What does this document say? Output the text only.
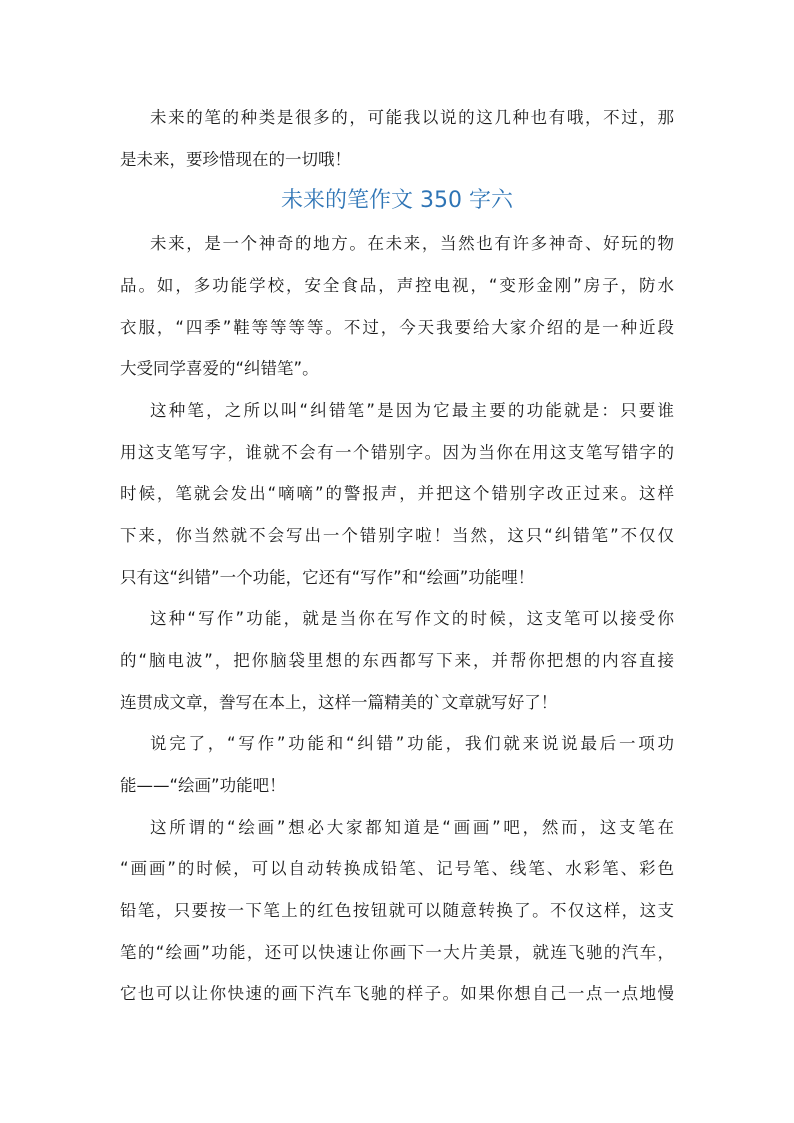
未来的笔的种类是很多的，可能我以说的这几种也有哦，不过，那
是未来，要珍惜现在的一切哦！
未来的笔作文 350 字六
未来，是一个神奇的地方。在未来，当然也有许多神奇、好玩的物
品。如，多功能学校，安全食品，声控电视，“变形金刚”房子，防水
衣服，“四季”鞋等等等等。不过，今天我要给大家介绍的是一种近段
大受同学喜爱的“纠错笔”。
这种笔，之所以叫“纠错笔”是因为它最主要的功能就是：只要谁
用这支笔写字，谁就不会有一个错别字。因为当你在用这支笔写错字的
时候，笔就会发出“嘀嘀”的警报声，并把这个错别字改正过来。这样
下来，你当然就不会写出一个错别字啦！当然，这只“纠错笔”不仅仅
只有这“纠错”一个功能，它还有“写作”和“绘画”功能哩！
这种“写作”功能，就是当你在写作文的时候，这支笔可以接受你
的“脑电波”，把你脑袋里想的东西都写下来，并帮你把想的内容直接
连贯成文章，誊写在本上，这样一篇精美的`文章就写好了！
说完了，“写作”功能和“纠错”功能，我们就来说说最后一项功
能——“绘画”功能吧！
这所谓的“绘画”想必大家都知道是“画画”吧，然而，这支笔在
“画画”的时候，可以自动转换成铅笔、记号笔、线笔、水彩笔、彩色
铅笔，只要按一下笔上的红色按钮就可以随意转换了。不仅这样，这支
笔的“绘画”功能，还可以快速让你画下一大片美景，就连飞驰的汽车，
它也可以让你快速的画下汽车飞驰的样子。如果你想自己一点一点地慢
